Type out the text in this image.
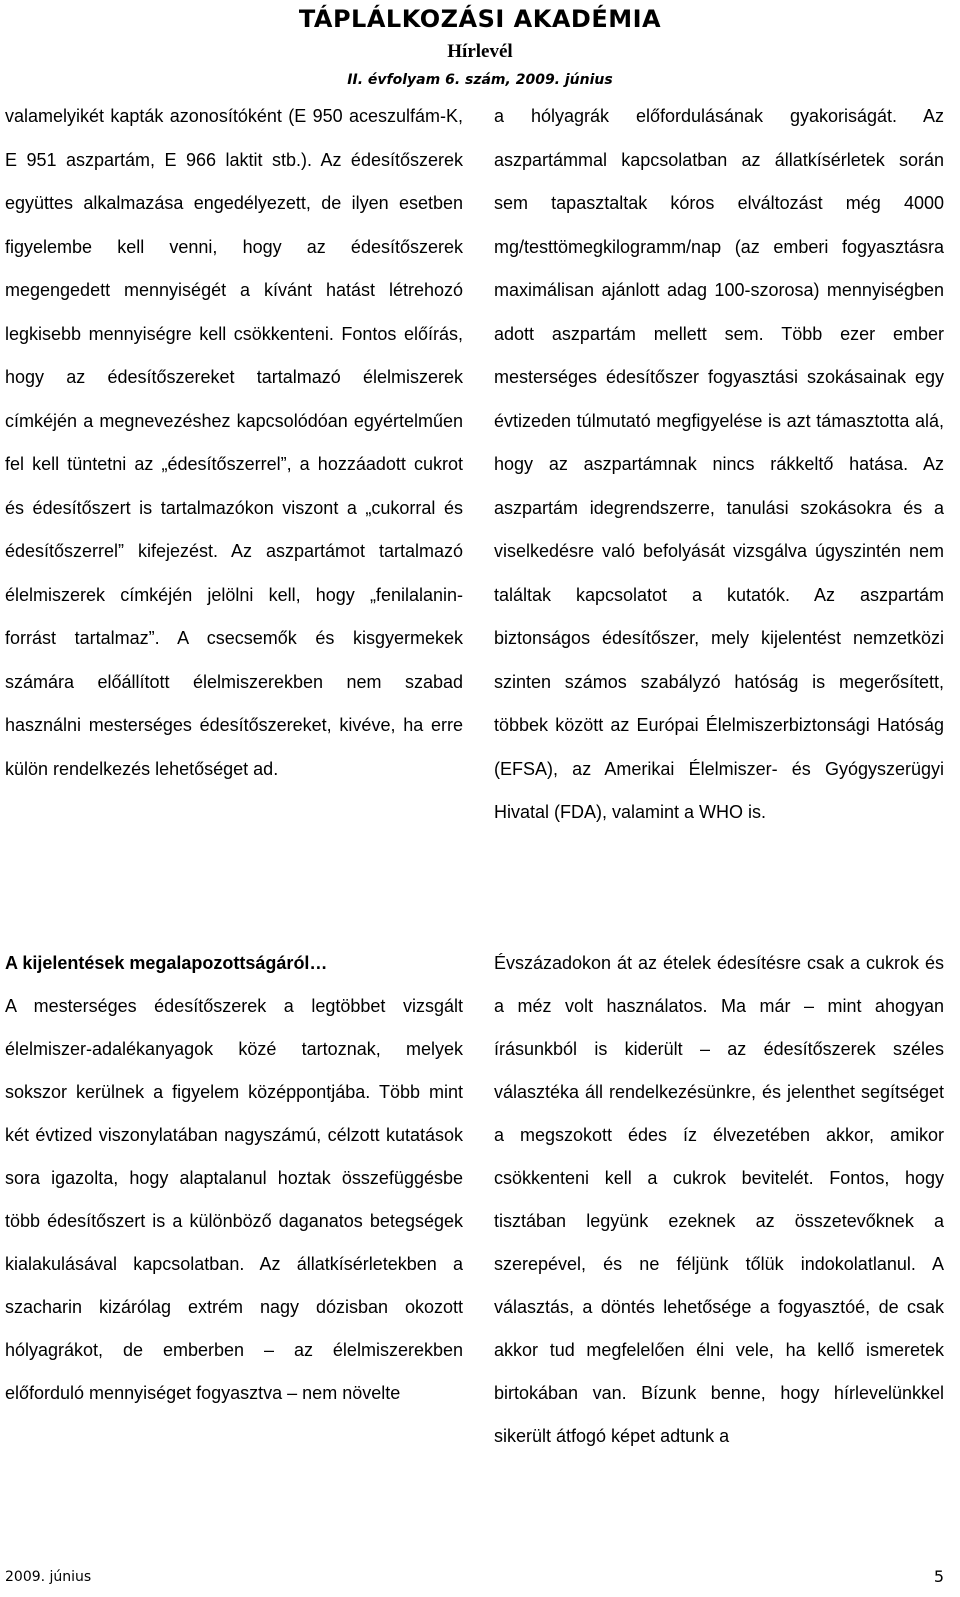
TÁPLÁLKOZÁSI AKADÉMIA
Hírlevél
II. évfolyam 6. szám, 2009. június

valamelyikét kapták azonosítóként (E 950 aceszulfám-K, E 951 aszpartám, E 966 laktit stb.). Az édesítőszerek együttes alkalmazása engedélyezett, de ilyen esetben figyelembe kell venni, hogy az édesítőszerek megengedett mennyiségét a kívánt hatást létrehozó legkisebb mennyiségre kell csökkenteni. Fontos előírás, hogy az édesítőszereket tartalmazó élelmiszerek címkéjén a megnevezéshez kapcsolódóan egyértelműen fel kell tüntetni az „édesítőszerrel”, a hozzáadott cukrot és édesítőszert is tartalmazókon viszont a „cukorral és édesítőszerrel” kifejezést. Az aszpartámot tartalmazó élelmiszerek címkéjén jelölni kell, hogy „fenilalanin-forrást tartalmaz”. A csecsemők és kisgyermekek számára előállított élelmiszerekben nem szabad használni mesterséges édesítőszereket, kivéve, ha erre külön rendelkezés lehetőséget ad.

a hólyagrák előfordulásának gyakoriságát. Az aszpartámmal kapcsolatban az állatkísérletek során sem tapasztaltak kóros elváltozást még 4000 mg/testtömegkilogramm/nap (az emberi fogyasztásra maximálisan ajánlott adag 100-szorosa) mennyiségben adott aszpartám mellett sem. Több ezer ember mesterséges édesítőszer fogyasztási szokásainak egy évtizeden túlmutató megfigyelése is azt támasztotta alá, hogy az aszpartámnak nincs rákkeltő hatása. Az aszpartám idegrendszerre, tanulási szokásokra és a viselkedésre való befolyását vizsgálva úgyszintén nem találtak kapcsolatot a kutatók. Az aszpartám biztonságos édesítőszer, mely kijelentést nemzetközi szinten számos szabályzó hatóság is megerősített, többek között az Európai Élelmiszerbiztonsági Hatóság (EFSA), az Amerikai Élelmiszer- és Gyógyszerügyi Hivatal (FDA), valamint a WHO is.

A kijelentések megalapozottságáról…

A mesterséges édesítőszerek a legtöbbet vizsgált élelmiszer-adalékanyagok közé tartoznak, melyek sokszor kerülnek a figyelem középpontjába. Több mint két évtized viszonylatában nagyszámú, célzott kutatások sora igazolta, hogy alaptalanul hoztak összefüggésbe több édesítőszert is a különböző daganatos betegségek kialakulásával kapcsolatban. Az állatkísérletekben a szacharin kizárólag extrém nagy dózisban okozott hólyagrákot, de emberben – az élelmiszerekben előforduló mennyiséget fogyasztva – nem növelte

Évszázadokon át az ételek édesítésre csak a cukrok és a méz volt használatos. Ma már – mint ahogyan írásunkból is kiderült – az édesítőszerek széles választéka áll rendelkezésünkre, és jelenthet segítséget a megszokott édes íz élvezetében akkor, amikor csökkenteni kell a cukrok bevitelét. Fontos, hogy tisztában legyünk ezeknek az összetevőknek a szerepével, és ne féljünk tőlük indokolatlanul. A választás, a döntés lehetősége a fogyasztóé, de csak akkor tud megfelelően élni vele, ha kellő ismeretek birtokában van. Bízunk benne, hogy hírlevelünkkel sikerült átfogó képet adtunk a

2009. június	5
